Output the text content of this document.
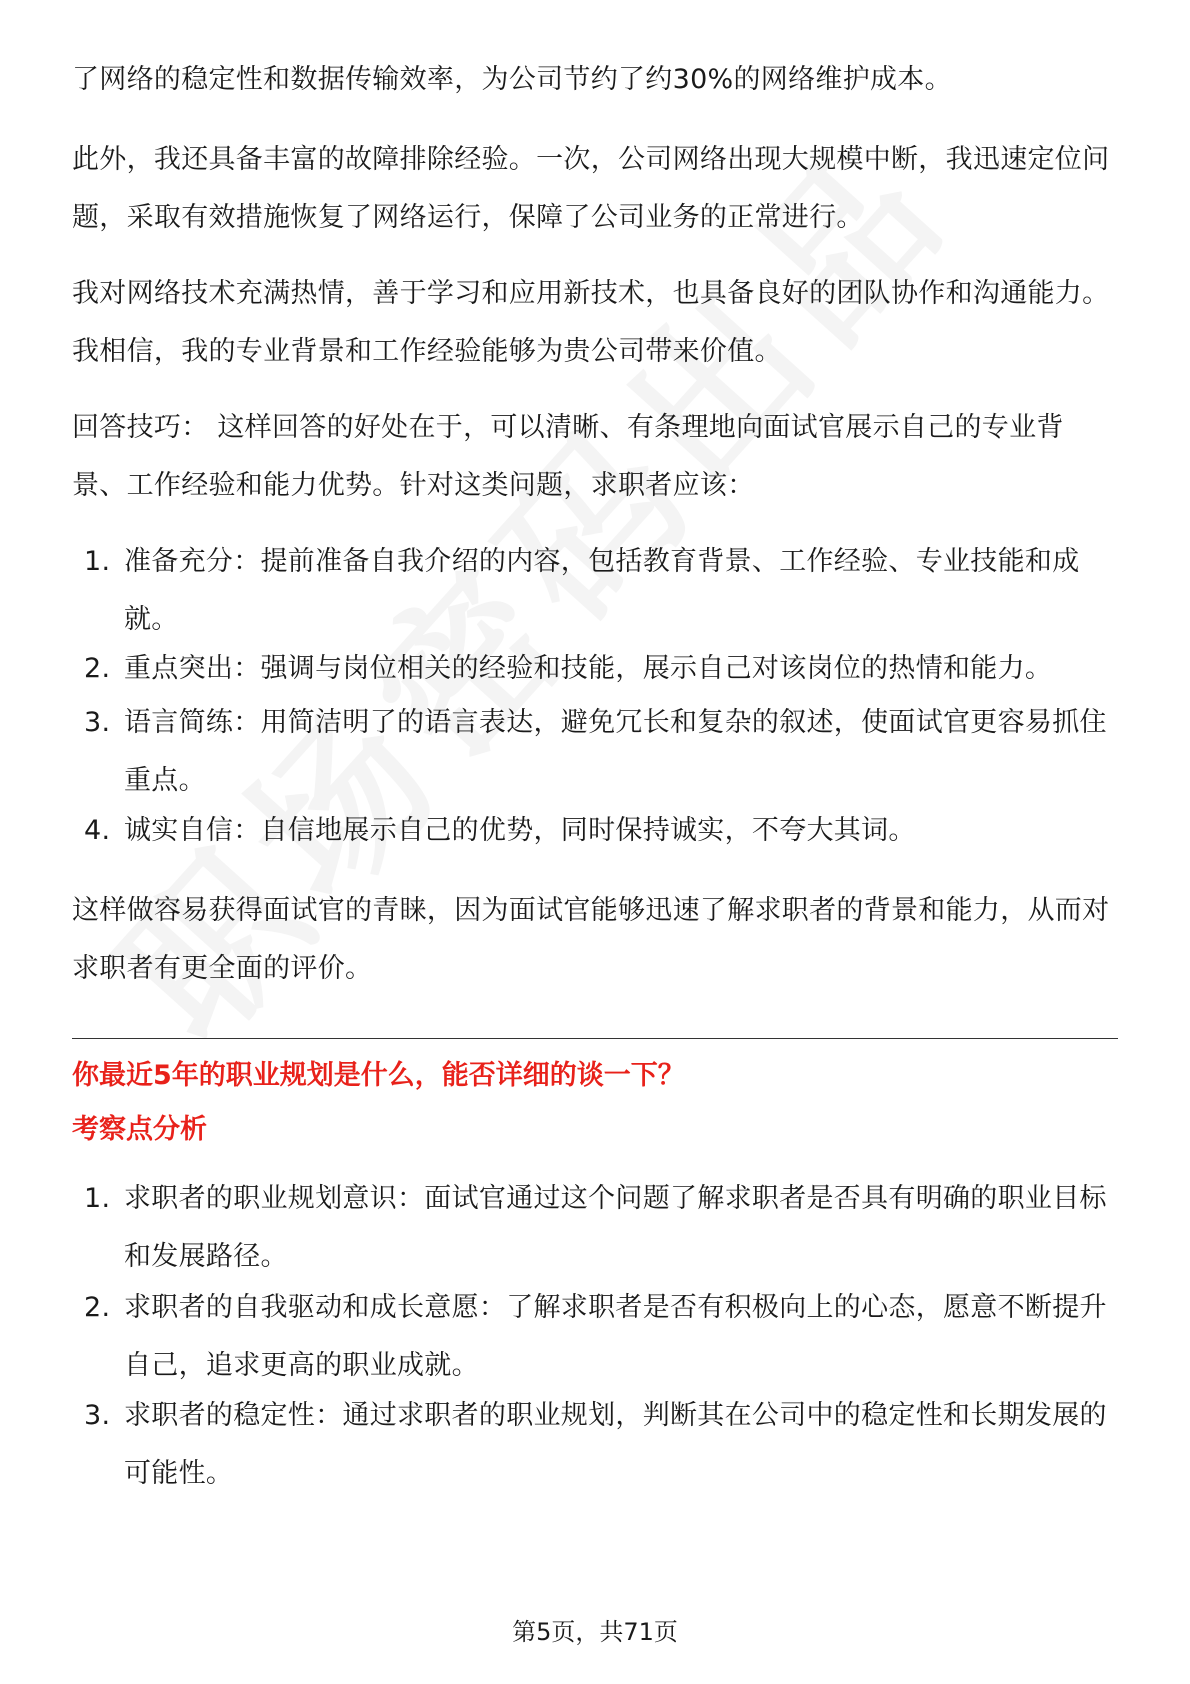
了网络的稳定性和数据传输效率，为公司节约了约30%的网络维护成本。

此外，我还具备丰富的故障排除经验。一次，公司网络出现大规模中断，我迅速定位问题，采取有效措施恢复了网络运行，保障了公司业务的正常进行。

我对网络技术充满热情，善于学习和应用新技术，也具备良好的团队协作和沟通能力。我相信，我的专业背景和工作经验能够为贵公司带来价值。

回答技巧： 这样回答的好处在于，可以清晰、有条理地向面试官展示自己的专业背景、工作经验和能力优势。针对这类问题，求职者应该：

1. 准备充分：提前准备自我介绍的内容，包括教育背景、工作经验、专业技能和成就。
2. 重点突出：强调与岗位相关的经验和技能，展示自己对该岗位的热情和能力。
3. 语言简练：用简洁明了的语言表达，避免冗长和复杂的叙述，使面试官更容易抓住重点。
4. 诚实自信：自信地展示自己的优势，同时保持诚实，不夸大其词。

这样做容易获得面试官的青睐，因为面试官能够迅速了解求职者的背景和能力，从而对求职者有更全面的评价。

你最近5年的职业规划是什么，能否详细的谈一下？
考察点分析
1. 求职者的职业规划意识：面试官通过这个问题了解求职者是否具有明确的职业目标和发展路径。
2. 求职者的自我驱动和成长意愿：了解求职者是否有积极向上的心态，愿意不断提升自己，追求更高的职业成就。
3. 求职者的稳定性：通过求职者的职业规划，判断其在公司中的稳定性和长期发展的可能性。
第5页，共71页
